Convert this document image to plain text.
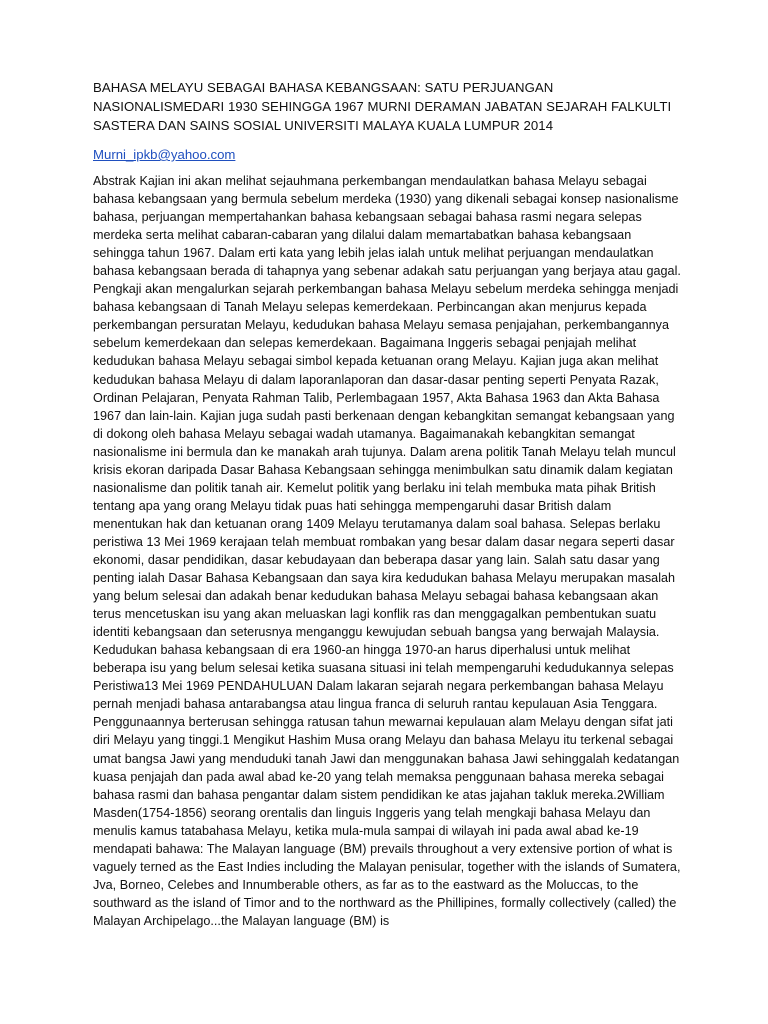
BAHASA MELAYU SEBAGAI BAHASA KEBANGSAAN: SATU PERJUANGAN NASIONALISMEDARI 1930 SEHINGGA 1967 MURNI DERAMAN JABATAN SEJARAH FALKULTI SASTERA DAN SAINS SOSIAL UNIVERSITI MALAYA KUALA LUMPUR 2014

Murni_ipkb@yahoo.com

Abstrak Kajian ini akan melihat sejauhmana perkembangan mendaulatkan bahasa Melayu sebagai bahasa kebangsaan yang bermula sebelum merdeka (1930) yang dikenali sebagai konsep nasionalisme bahasa, perjuangan mempertahankan bahasa kebangsaan sebagai bahasa rasmi negara selepas merdeka serta melihat cabaran-cabaran yang dilalui dalam memartabatkan bahasa kebangsaan sehingga tahun 1967. Dalam erti kata yang lebih jelas ialah untuk melihat perjuangan mendaulatkan bahasa kebangsaan berada di tahapnya yang sebenar adakah satu perjuangan yang berjaya atau gagal. Pengkaji akan mengalurkan sejarah perkembangan bahasa Melayu sebelum merdeka sehingga menjadi bahasa kebangsaan di Tanah Melayu selepas kemerdekaan. Perbincangan akan menjurus kepada perkembangan persuratan Melayu, kedudukan bahasa Melayu semasa penjajahan, perkembangannya sebelum kemerdekaan dan selepas kemerdekaan. Bagaimana Inggeris sebagai penjajah melihat kedudukan bahasa Melayu sebagai simbol kepada ketuanan orang Melayu. Kajian juga akan melihat kedudukan bahasa Melayu di dalam laporanlaporan dan dasar-dasar penting seperti Penyata Razak, Ordinan Pelajaran, Penyata Rahman Talib, Perlembagaan 1957, Akta Bahasa 1963 dan Akta Bahasa 1967 dan lain-lain. Kajian juga sudah pasti berkenaan dengan kebangkitan semangat kebangsaan yang di dokong oleh bahasa Melayu sebagai wadah utamanya. Bagaimanakah kebangkitan semangat nasionalisme ini bermula dan ke manakah arah tujunya. Dalam arena politik Tanah Melayu telah muncul krisis ekoran daripada Dasar Bahasa Kebangsaan sehingga menimbulkan satu dinamik dalam kegiatan nasionalisme dan politik tanah air. Kemelut politik yang berlaku ini telah membuka mata pihak British tentang apa yang orang Melayu tidak puas hati sehingga mempengaruhi dasar British dalam menentukan hak dan ketuanan orang 1409 Melayu terutamanya dalam soal bahasa. Selepas berlaku peristiwa 13 Mei 1969 kerajaan telah membuat rombakan yang besar dalam dasar negara seperti dasar ekonomi, dasar pendidikan, dasar kebudayaan dan beberapa dasar yang lain. Salah satu dasar yang penting ialah Dasar Bahasa Kebangsaan dan saya kira kedudukan bahasa Melayu merupakan masalah yang belum selesai dan adakah benar kedudukan bahasa Melayu sebagai bahasa kebangsaan akan terus mencetuskan isu yang akan meluaskan lagi konflik ras dan menggagalkan pembentukan suatu identiti kebangsaan dan seterusnya menganggu kewujudan sebuah bangsa yang berwajah Malaysia. Kedudukan bahasa kebangsaan di era 1960-an hingga 1970-an harus diperhalusi untuk melihat beberapa isu yang belum selesai ketika suasana situasi ini telah mempengaruhi kedudukannya selepas Peristiwa13 Mei 1969 PENDAHULUAN Dalam lakaran sejarah negara perkembangan bahasa Melayu pernah menjadi bahasa antarabangsa atau lingua franca di seluruh rantau kepulauan Asia Tenggara. Penggunaannya berterusan sehingga ratusan tahun mewarnai kepulauan alam Melayu dengan sifat jati diri Melayu yang tinggi.1 Mengikut Hashim Musa orang Melayu dan bahasa Melayu itu terkenal sebagai umat bangsa Jawi yang menduduki tanah Jawi dan menggunakan bahasa Jawi sehinggalah kedatangan kuasa penjajah dan pada awal abad ke-20 yang telah memaksa penggunaan bahasa mereka sebagai bahasa rasmi dan bahasa pengantar dalam sistem pendidikan ke atas jajahan takluk mereka.2William Masden(1754-1856) seorang orentalis dan linguis Inggeris yang telah mengkaji bahasa Melayu dan menulis kamus tatabahasa Melayu, ketika mula-mula sampai di wilayah ini pada awal abad ke-19 mendapati bahawa: The Malayan language (BM) prevails throughout a very extensive portion of what is vaguely terned as the East Indies including the Malayan penisular, together with the islands of Sumatera, Jva, Borneo, Celebes and Innumberable others, as far as to the eastward as the Moluccas, to the southward as the island of Timor and to the northward as the Phillipines, formally collectively (called) the Malayan Archipelago...the Malayan language (BM) is
